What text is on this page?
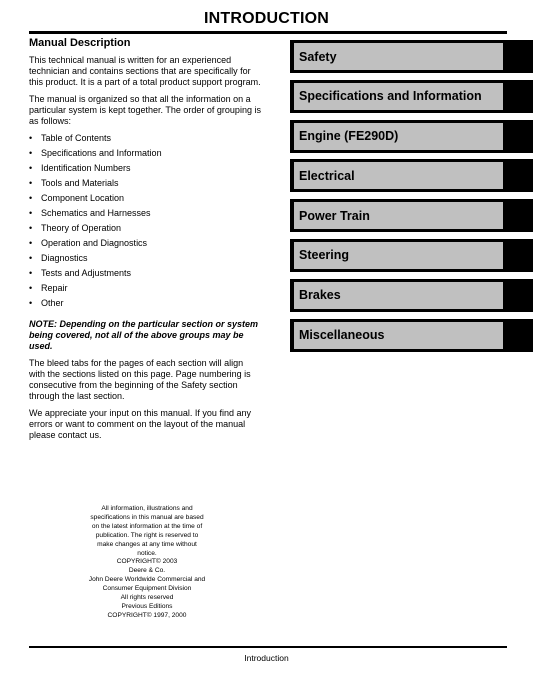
INTRODUCTION

Manual Description

This technical manual is written for an experienced technician and contains sections that are specifically for this product. It is a part of a total product support program.

The manual is organized so that all the information on a particular system is kept together. The order of grouping is as follows:

• Table of Contents
• Specifications and Information
• Identification Numbers
• Tools and Materials
• Component Location
• Schematics and Harnesses
• Theory of Operation
• Operation and Diagnostics
• Diagnostics
• Tests and Adjustments
• Repair
• Other

NOTE: Depending on the particular section or system being covered, not all of the above groups may be used.

The bleed tabs for the pages of each section will align with the sections listed on this page. Page numbering is consecutive from the beginning of the Safety section through the last section.

We appreciate your input on this manual. If you find any errors or want to comment on the layout of the manual please contact us.

Safety
Specifications and Information
Engine (FE290D)
Electrical
Power Train
Steering
Brakes
Miscellaneous
All information, illustrations and
specifications in this manual are based
on the latest information at the time of
publication. The right is reserved to
make changes at any time without
notice.
COPYRIGHT© 2003
Deere & Co.
John Deere Worldwide Commercial and
Consumer Equipment Division
All rights reserved
Previous Editions
COPYRIGHT© 1997, 2000
Introduction
